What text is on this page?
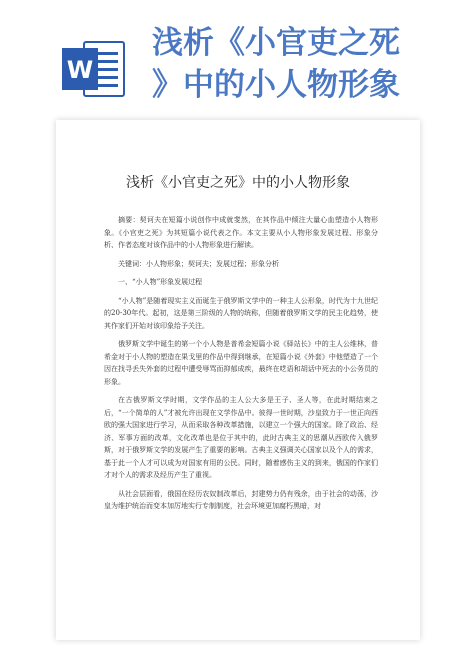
W
浅析《小官吏之死
》中的小人物形象
浅析《小官吏之死》中的小人物形象

摘要：契诃夫在短篇小说创作中成就斐然，在其作品中倾注大量心血塑造小人物形象。《小官吏之死》为其短篇小说代表之作。本文主要从小人物形象发展过程、形象分析、作者态度对该作品中的小人物形象进行解读。

关键词：小人物形象；契诃夫；发展过程；形象分析

一、“小人物”形象发展过程

“小人物”是随着现实主义而诞生于俄罗斯文学中的一种主人公形象，时代为十九世纪的20-30年代。起初，这是第三阶级的人物的统称，但随着俄罗斯文学的民主化趋势，使其作家们开始对该印象给予关注。

俄罗斯文学中诞生的第一个小人物是普希金短篇小说《驿站长》中的主人公维林，普希金对于小人物的塑造在果戈里的作品中得到继承，在短篇小说《外套》中他塑造了一个因在找寻丢失外套的过程中遭受辱骂而抑郁成疾，最终在呓语和胡话中死去的小公务员的形象。

在古俄罗斯文学时期，文学作品的主人公大多是王子、圣人等，在此时期结束之后，“一个简单的人”才被允许出现在文学作品中。彼得一世时期，沙皇致力于一世正向西欧的强大国家进行学习，从而采取各种改革措施，以建立一个强大的国家。除了政治、经济、军事方面的改革，文化改革也是位于其中的，此时古典主义的思潮从西欧传入俄罗斯，对于俄罗斯文学的发展产生了重要的影响。古典主义强调关心国家以及个人的需求，基于此一个人才可以成为对国家有用的公民。同时，随着感伤主义的到来，俄国的作家们才对个人的需求及经历产生了重视。

从社会层面看，俄国在经历农奴制改革后，封建势力仍有残余，由于社会的动荡，沙皇为维护统治而变本加厉地实行专制制度，社会环境更加腐朽黑暗，对
